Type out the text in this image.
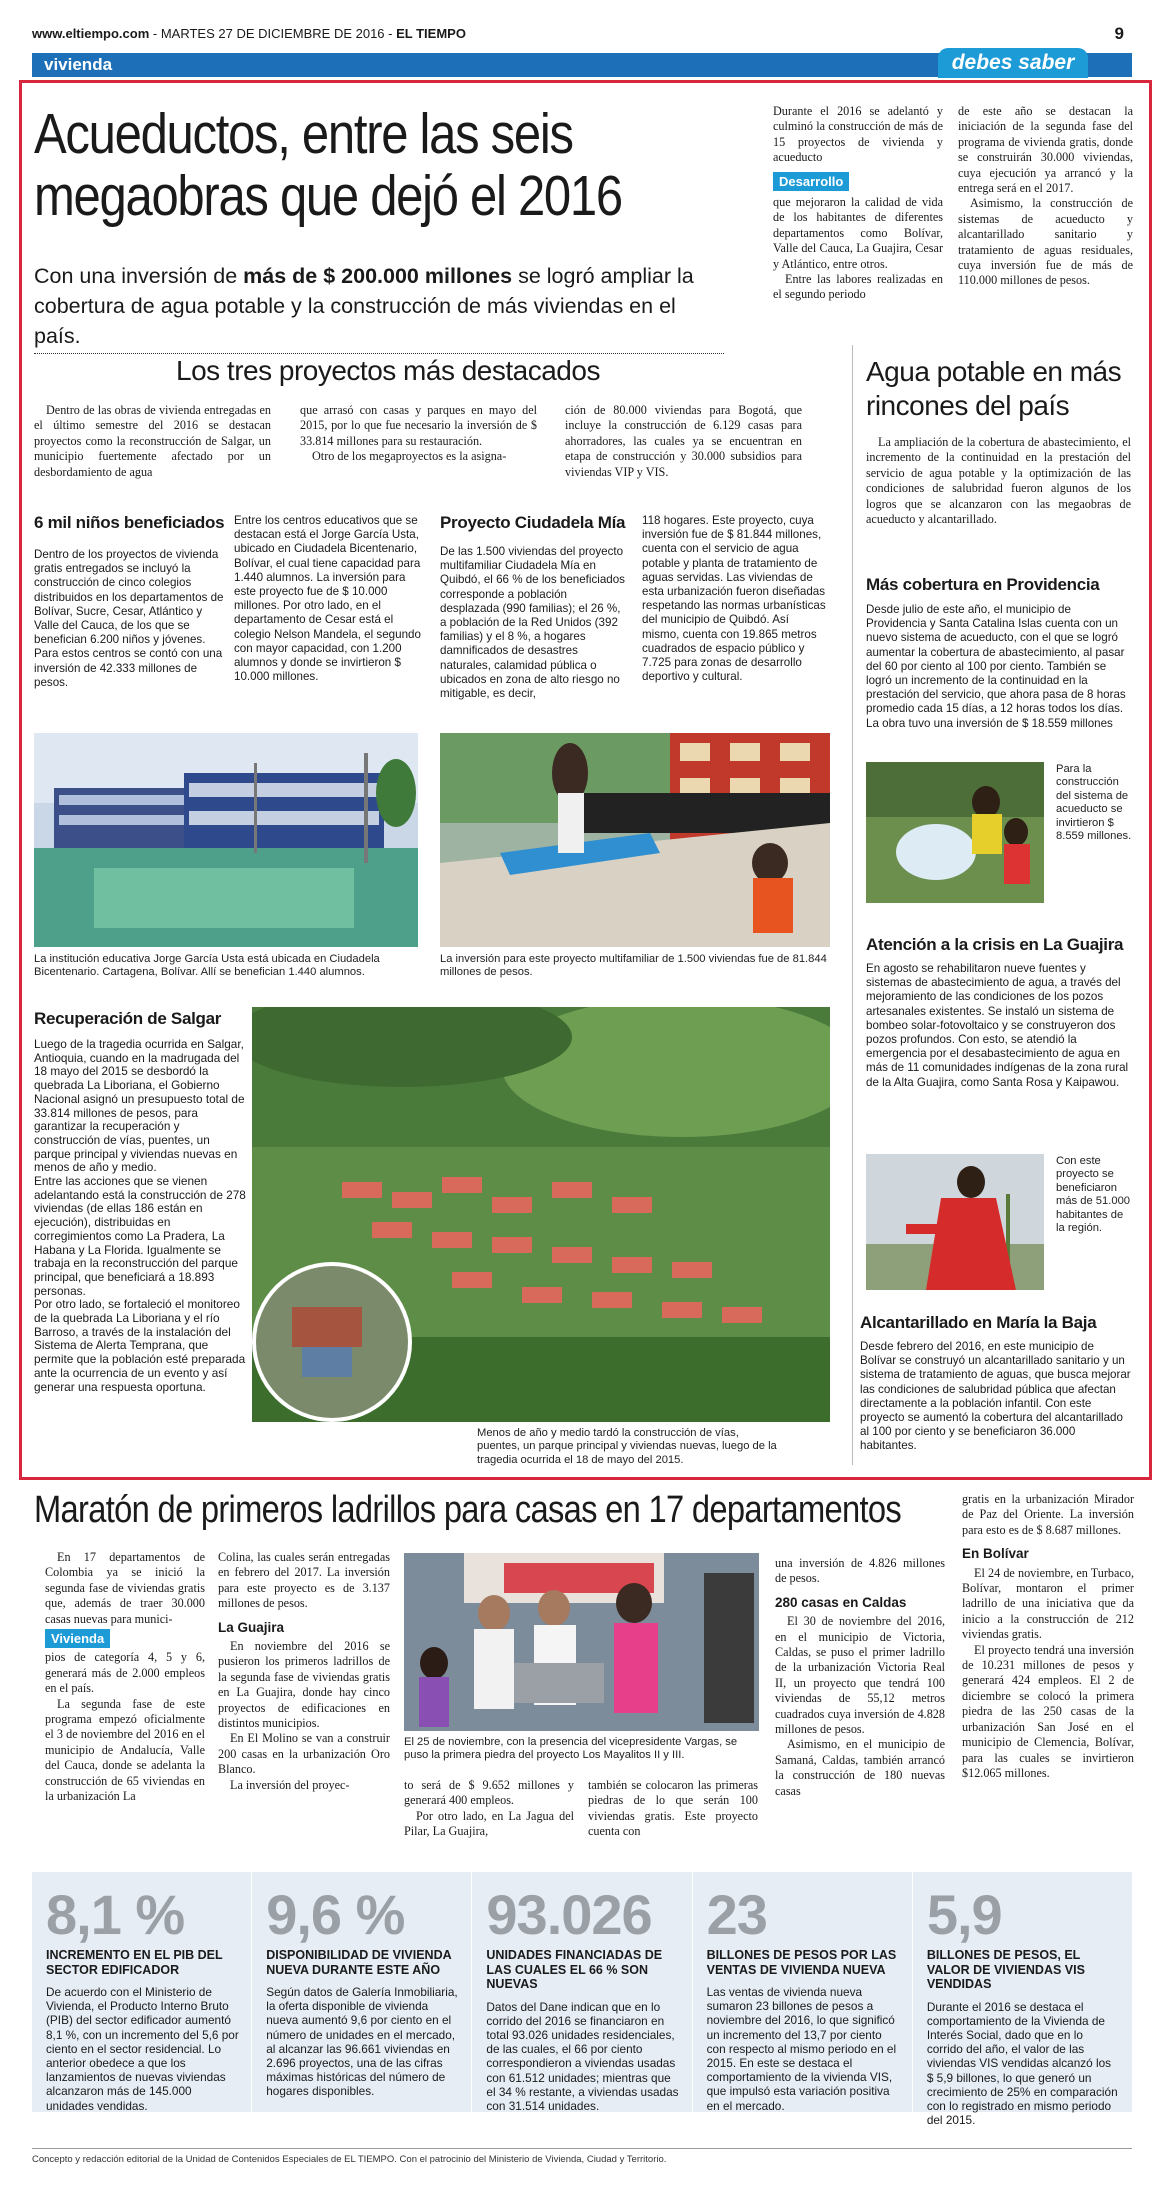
www.eltiempo.com - MARTES 27 DE DICIEMBRE DE 2016 - EL TIEMPO	9
vivienda	debes saber
Acueductos, entre las seis megaobras que dejó el 2016

Con una inversión de más de $ 200.000 millones se logró ampliar la cobertura de agua potable y la construcción de más viviendas en el país.

Durante el 2016 se adelantó y culminó la construcción de más de 15 proyectos de vivienda y acueducto

Desarrollo

que mejoraron la calidad de vida de los habitantes de diferentes departamentos como Bolívar, Valle del Cauca, La Guajira, Cesar y Atlántico, entre otros.

Entre las labores realizadas en el segundo periodo

de este año se destacan la iniciación de la segunda fase del programa de vivienda gratis, donde se construirán 30.000 viviendas, cuya ejecución ya arrancó y la entrega será en el 2017.

Asimismo, la construcción de sistemas de acueducto y alcantarillado sanitario y tratamiento de aguas residuales, cuya inversión fue de más de 110.000 millones de pesos.

Los tres proyectos más destacados
Dentro de las obras de vivienda entregadas en el último semestre del 2016 se destacan proyectos como la reconstrucción de Salgar, un municipio fuertemente afectado por un desbordamiento de agua

que arrasó con casas y parques en mayo del 2015, por lo que fue necesario la inversión de $ 33.814 millones para su restauración.

Otro de los megaproyectos es la asigna-

ción de 80.000 viviendas para Bogotá, que incluye la construcción de 6.129 casas para ahorradores, las cuales ya se encuentran en etapa de construcción y 30.000 subsidios para viviendas VIP y VIS.
6 mil niños beneficiados
Dentro de los proyectos de vivienda gratis entregados se incluyó la construcción de cinco colegios distribuidos en los departamentos de Bolívar, Sucre, Cesar, Atlántico y Valle del Cauca, de los que se benefician 6.200 niños y jóvenes. Para estos centros se contó con una inversión de 42.333 millones de pesos.
Entre los centros educativos que se destacan está el Jorge García Usta, ubicado en Ciudadela Bicentenario, Bolívar, el cual tiene capacidad para 1.440 alumnos. La inversión para este proyecto fue de $ 10.000 millones. Por otro lado, en el departamento de Cesar está el colegio Nelson Mandela, el segundo con mayor capacidad, con 1.200 alumnos y donde se invirtieron $ 10.000 millones.
Proyecto Ciudadela Mía
De las 1.500 viviendas del proyecto multifamiliar Ciudadela Mía en Quibdó, el 66 % de los beneficiados corresponde a población desplazada (990 familias); el 26 %, a población de la Red Unidos (392 familias) y el 8 %, a hogares damnificados de desastres naturales, calamidad pública o ubicados en zona de alto riesgo no mitigable, es decir,
118 hogares. Este proyecto, cuya inversión fue de $ 81.844 millones, cuenta con el servicio de agua potable y planta de tratamiento de aguas servidas. Las viviendas de esta urbanización fueron diseñadas respetando las normas urbanísticas del municipio de Quibdó. Así mismo, cuenta con 19.865 metros cuadrados de espacio público y 7.725 para zonas de desarrollo deportivo y cultural.
La institución educativa Jorge García Usta está ubicada en Ciudadela Bicentenario. Cartagena, Bolívar. Allí se benefician 1.440 alumnos.
La inversión para este proyecto multifamiliar de 1.500 viviendas fue de 81.844 millones de pesos.
Recuperación de Salgar

Luego de la tragedia ocurrida en Salgar, Antioquia, cuando en la madrugada del 18 mayo del 2015 se desbordó la quebrada La Liboriana, el Gobierno Nacional asignó un presupuesto total de 33.814 millones de pesos, para garantizar la recuperación y construcción de vías, puentes, un parque principal y viviendas nuevas en menos de año y medio.

Entre las acciones que se vienen adelantando está la construcción de 278 viviendas (de ellas 186 están en ejecución), distribuidas en corregimientos como La Pradera, La Habana y La Florida. Igualmente se trabaja en la reconstrucción del parque principal, que beneficiará a 18.893 personas.

Por otro lado, se fortaleció el monitoreo de la quebrada La Liboriana y el río Barroso, a través de la instalación del Sistema de Alerta Temprana, que permite que la población esté preparada ante la ocurrencia de un evento y así generar una respuesta oportuna.

Menos de año y medio tardó la construcción de vías, puentes, un parque principal y viviendas nuevas, luego de la tragedia ocurrida el 18 de mayo del 2015.
Agua potable en más rincones del país
La ampliación de la cobertura de abastecimiento, el incremento de la continuidad en la prestación del servicio de agua potable y la optimización de las condiciones de salubridad fueron algunos de los logros que se alcanzaron con las megaobras de acueducto y alcantarillado.
Más cobertura en Providencia
Desde julio de este año, el municipio de Providencia y Santa Catalina Islas cuenta con un nuevo sistema de acueducto, con el que se logró aumentar la cobertura de abastecimiento, al pasar del 60 por ciento al 100 por ciento. También se logró un incremento de la continuidad en la prestación del servicio, que ahora pasa de 8 horas promedio cada 15 días, a 12 horas todos los días. La obra tuvo una inversión de $ 18.559 millones
Para la construcción del sistema de acueducto se invirtieron $ 8.559 millones.
Atención a la crisis en La Guajira
En agosto se rehabilitaron nueve fuentes y sistemas de abastecimiento de agua, a través del mejoramiento de las condiciones de los pozos artesanales existentes. Se instaló un sistema de bombeo solar-fotovoltaico y se construyeron dos pozos profundos. Con esto, se atendió la emergencia por el desabastecimiento de agua en más de 11 comunidades indígenas de la zona rural de la Alta Guajira, como Santa Rosa y Kaipawou.
Con este proyecto se beneficiaron más de 51.000 habitantes de la región.
Alcantarillado en María la Baja
Desde febrero del 2016, en este municipio de Bolívar se construyó un alcantarillado sanitario y un sistema de tratamiento de aguas, que busca mejorar las condiciones de salubridad pública que afectan directamente a la población infantil. Con este proyecto se aumentó la cobertura del alcantarillado al 100 por ciento y se beneficiaron 36.000 habitantes.
Maratón de primeros ladrillos para casas en 17 departamentos

En 17 departamentos de Colombia ya se inició la segunda fase de viviendas gratis que, además de traer 30.000 casas nuevas para munici-

Vivienda

pios de categoría 4, 5 y 6, generará más de 2.000 empleos en el país.

La segunda fase de este programa empezó oficialmente el 3 de noviembre del 2016 en el municipio de Andalucía, Valle del Cauca, donde se adelanta la construcción de 65 viviendas en la urbanización La

Colina, las cuales serán entregadas en febrero del 2017. La inversión para este proyecto es de 3.137 millones de pesos.

La Guajira

En noviembre del 2016 se pusieron los primeros ladrillos de la segunda fase de viviendas gratis en La Guajira, donde hay cinco proyectos de edificaciones en distintos municipios.

En El Molino se van a construir 200 casas en la urbanización Oro Blanco.

La inversión del proyec-

El 25 de noviembre, con la presencia del vicepresidente Vargas, se puso la primera piedra del proyecto Los Mayalitos II y III.

to será de $ 9.652 millones y generará 400 empleos.

Por otro lado, en La Jagua del Pilar, La Guajira,

también se colocaron las primeras piedras de lo que serán 100 viviendas gratis. Este proyecto cuenta con

una inversión de 4.826 millones de pesos.

280 casas en Caldas

El 30 de noviembre del 2016, en el municipio de Victoria, Caldas, se puso el primer ladrillo de la urbanización Victoria Real II, un proyecto que tendrá 100 viviendas de 55,12 metros cuadrados cuya inversión de 4.828 millones de pesos.

Asimismo, en el municipio de Samaná, Caldas, también arrancó la construcción de 180 nuevas casas

gratis en la urbanización Mirador de Paz del Oriente. La inversión para esto es de $ 8.687 millones.

En Bolívar

El 24 de noviembre, en Turbaco, Bolívar, montaron el primer ladrillo de una iniciativa que da inicio a la construcción de 212 viviendas gratis.

El proyecto tendrá una inversión de 10.231 millones de pesos y generará 424 empleos. El 2 de diciembre se colocó la primera piedra de las 250 casas de la urbanización San José en el municipio de Clemencia, Bolívar, para las cuales se invirtieron $12.065 millones.

8,1 %
INCREMENTO EN EL PIB DEL SECTOR EDIFICADOR
De acuerdo con el Ministerio de Vivienda, el Producto Interno Bruto (PIB) del sector edificador aumentó 8,1 %, con un incremento del 5,6 por ciento en el sector residencial. Lo anterior obedece a que los lanzamientos de nuevas viviendas alcanzaron más de 145.000 unidades vendidas.
9,6 %
DISPONIBILIDAD DE VIVIENDA NUEVA DURANTE ESTE AÑO
Según datos de Galería Inmobiliaria, la oferta disponible de vivienda nueva aumentó 9,6 por ciento en el número de unidades en el mercado, al alcanzar las 96.661 viviendas en 2.696 proyectos, una de las cifras máximas históricas del número de hogares disponibles.
93.026
UNIDADES FINANCIADAS DE LAS CUALES EL 66 % SON NUEVAS
Datos del Dane indican que en lo corrido del 2016 se financiaron en total 93.026 unidades residenciales, de las cuales, el 66 por ciento correspondieron a viviendas usadas con 61.512 unidades; mientras que el 34 % restante, a viviendas usadas con 31.514 unidades.
23
BILLONES DE PESOS POR LAS VENTAS DE VIVIENDA NUEVA
Las ventas de vivienda nueva sumaron 23 billones de pesos a noviembre del 2016, lo que significó un incremento del 13,7 por ciento con respecto al mismo periodo en el 2015. En este se destaca el comportamiento de la vivienda VIS, que impulsó esta variación positiva en el mercado.
5,9
BILLONES DE PESOS, EL VALOR DE VIVIENDAS VIS VENDIDAS
Durante el 2016 se destaca el comportamiento de la Vivienda de Interés Social, dado que en lo corrido del año, el valor de las viviendas VIS vendidas alcanzó los $ 5,9 billones, lo que generó un crecimiento de 25% en comparación con lo registrado en mismo periodo del 2015.
Concepto y redacción editorial de la Unidad de Contenidos Especiales de EL TIEMPO. Con el patrocinio del Ministerio de Vivienda, Ciudad y Territorio.
